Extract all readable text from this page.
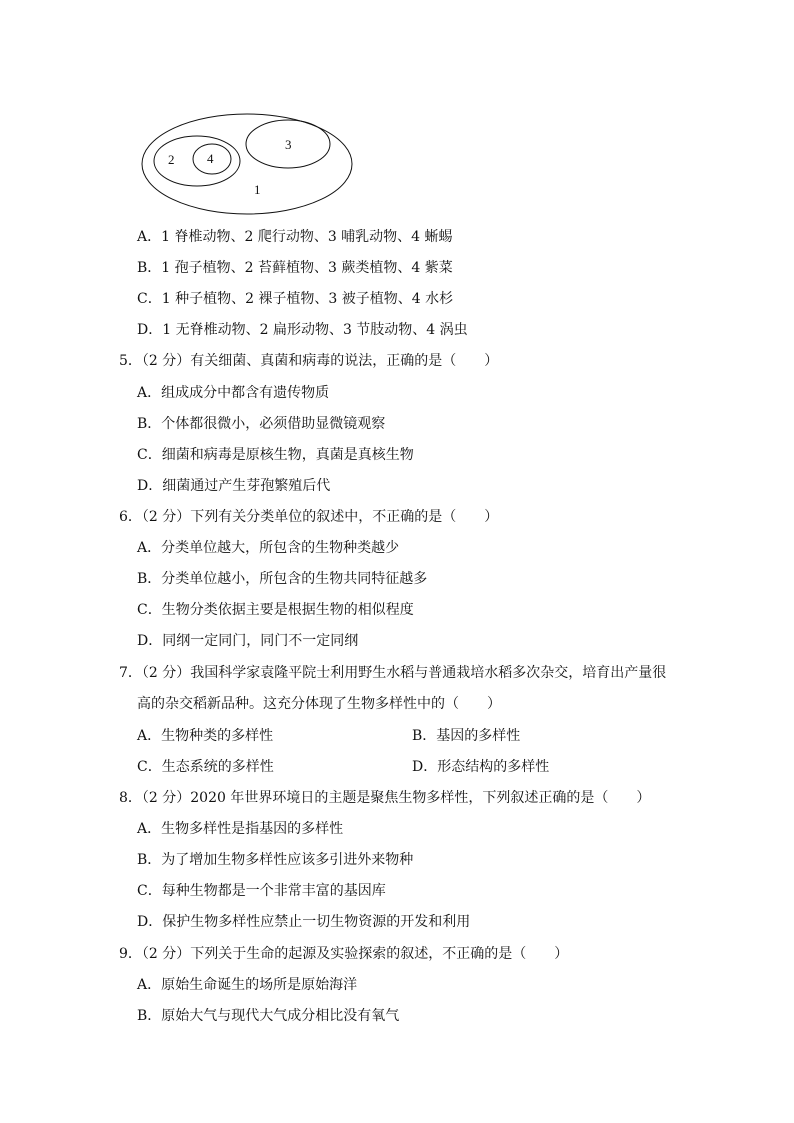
2	4
3
1
A．1 脊椎动物、2 爬行动物、3 哺乳动物、4 蜥蜴
B．1 孢子植物、2 苔藓植物、3 蕨类植物、4 紫菜
C．1 种子植物、2 裸子植物、3 被子植物、4 水杉
D．1 无脊椎动物、2 扁形动物、3 节肢动物、4 涡虫
5．（2 分）有关细菌、真菌和病毒的说法，正确的是（　　）
A．组成成分中都含有遗传物质
B．个体都很微小，必须借助显微镜观察
C．细菌和病毒是原核生物，真菌是真核生物
D．细菌通过产生芽孢繁殖后代
6．（2 分）下列有关分类单位的叙述中，不正确的是（　　）
A．分类单位越大，所包含的生物种类越少
B．分类单位越小，所包含的生物共同特征越多
C．生物分类依据主要是根据生物的相似程度
D．同纲一定同门，同门不一定同纲
7．（2 分）我国科学家袁隆平院士利用野生水稻与普通栽培水稻多次杂交，培育出产量很
高的杂交稻新品种。这充分体现了生物多样性中的（　　）
A．生物种类的多样性	B．基因的多样性
C．生态系统的多样性	D．形态结构的多样性
8．（2 分）2020 年世界环境日的主题是聚焦生物多样性，下列叙述正确的是（　　）
A．生物多样性是指基因的多样性
B．为了增加生物多样性应该多引进外来物种
C．每种生物都是一个非常丰富的基因库
D．保护生物多样性应禁止一切生物资源的开发和利用
9．（2 分）下列关于生命的起源及实验探索的叙述，不正确的是（　　）
A．原始生命诞生的场所是原始海洋
B．原始大气与现代大气成分相比没有氧气
